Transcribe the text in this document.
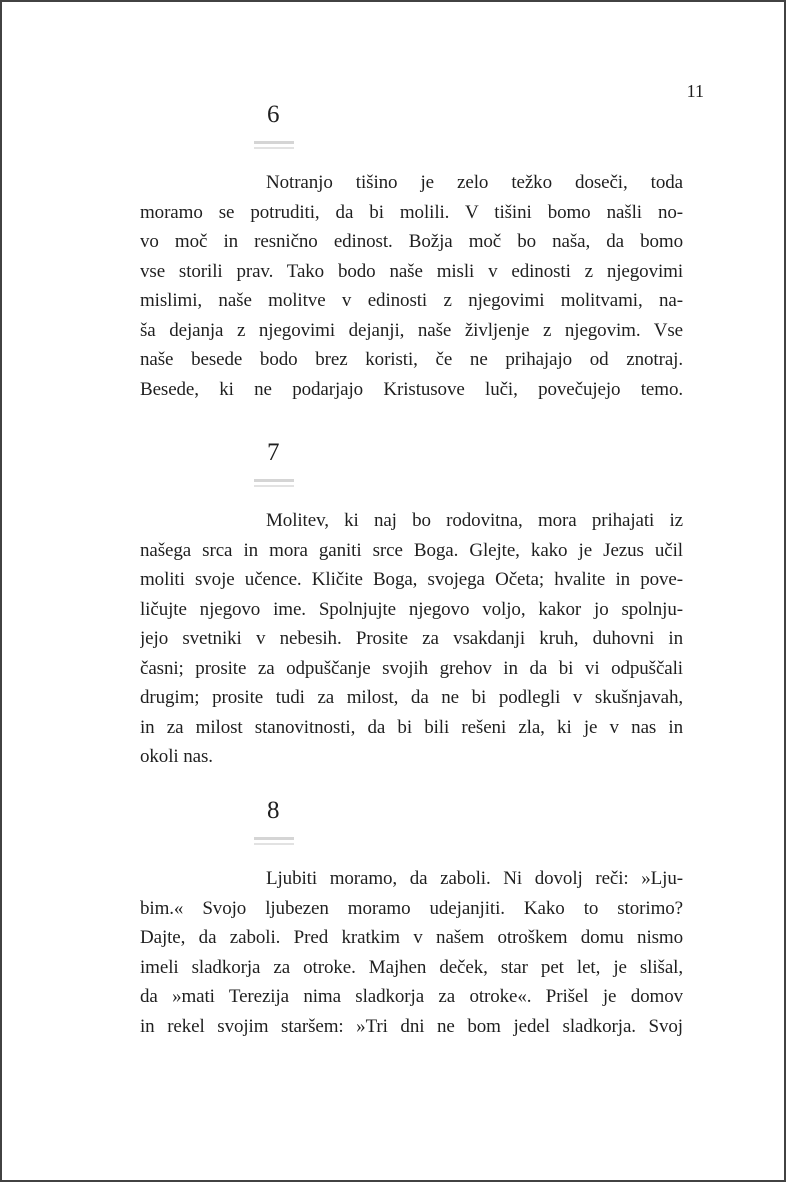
11
6
Notranjo tišino je zelo težko doseči, toda
moramo se potruditi, da bi molili. V tišini bomo našli no-
vo moč in resnično edinost. Božja moč bo naša, da bomo
vse storili prav. Tako bodo naše misli v edinosti z njegovimi
mislimi, naše molitve v edinosti z njegovimi molitvami, na-
ša dejanja z njegovimi dejanji, naše življenje z njegovim. Vse
naše besede bodo brez koristi, če ne prihajajo od znotraj.
Besede, ki ne podarjajo Kristusove luči, povečujejo temo.
7
Molitev, ki naj bo rodovitna, mora prihajati iz
našega srca in mora ganiti srce Boga. Glejte, kako je Jezus učil
moliti svoje učence. Kličite Boga, svojega Očeta; hvalite in pove-
ličujte njegovo ime. Spolnjujte njegovo voljo, kakor jo spolnju-
jejo svetniki v nebesih. Prosite za vsakdanji kruh, duhovni in
časni; prosite za odpuščanje svojih grehov in da bi vi odpuščali
drugim; prosite tudi za milost, da ne bi podlegli v skušnjavah,
in za milost stanovitnosti, da bi bili rešeni zla, ki je v nas in
okoli nas.
8
Ljubiti moramo, da zaboli. Ni dovolj reči: »Lju-
bim.« Svojo ljubezen moramo udejanjiti. Kako to storimo?
Dajte, da zaboli. Pred kratkim v našem otroškem domu nismo
imeli sladkorja za otroke. Majhen deček, star pet let, je slišal,
da »mati Terezija nima sladkorja za otroke«. Prišel je domov
in rekel svojim staršem: »Tri dni ne bom jedel sladkorja. Svoj
